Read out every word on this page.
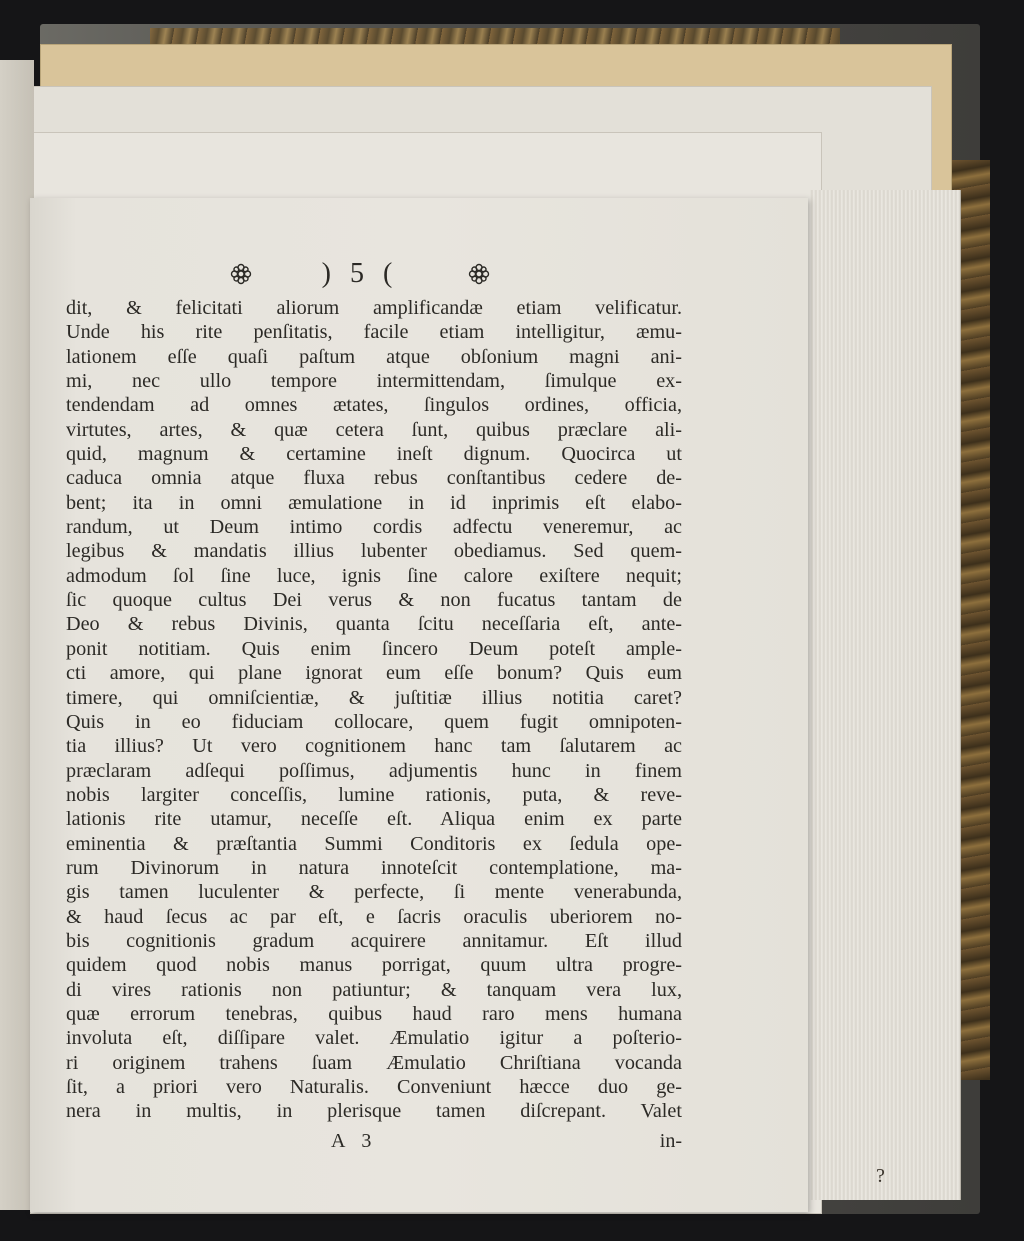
) 5 (
dit, & felicitati aliorum amplificandæ etiam velificatur.
Unde his rite penſitatis, facile etiam intelligitur, æmu-
lationem eſſe quaſi paſtum atque obſonium magni ani-
mi, nec ullo tempore intermittendam, ſimulque ex-
tendendam ad omnes ætates, ſingulos ordines, officia,
virtutes, artes, & quæ cetera ſunt, quibus præclare ali-
quid, magnum & certamine ineſt dignum. Quocirca ut
caduca omnia atque fluxa rebus conſtantibus cedere de-
bent; ita in omni æmulatione in id inprimis eſt elabo-
randum, ut Deum intimo cordis adfectu veneremur, ac
legibus & mandatis illius lubenter obediamus. Sed quem-
admodum ſol ſine luce, ignis ſine calore exiſtere nequit;
ſic quoque cultus Dei verus & non fucatus tantam de
Deo & rebus Divinis, quanta ſcitu neceſſaria eſt, ante-
ponit notitiam. Quis enim ſincero Deum poteſt ample-
cti amore, qui plane ignorat eum eſſe bonum? Quis eum
timere, qui omniſcientiæ, & juſtitiæ illius notitia caret?
Quis in eo fiduciam collocare, quem fugit omnipoten-
tia illius? Ut vero cognitionem hanc tam ſalutarem ac
præclaram adſequi poſſimus, adjumentis hunc in finem
nobis largiter conceſſis, lumine rationis, puta, & reve-
lationis rite utamur, neceſſe eſt. Aliqua enim ex parte
eminentia & præſtantia Summi Conditoris ex ſedula ope-
rum Divinorum in natura innoteſcit contemplatione, ma-
gis tamen luculenter & perfecte, ſi mente venerabunda,
& haud ſecus ac par eſt, e ſacris oraculis uberiorem no-
bis cognitionis gradum acquirere annitamur. Eſt illud
quidem quod nobis manus porrigat, quum ultra progre-
di vires rationis non patiuntur; & tanquam vera lux,
quæ errorum tenebras, quibus haud raro mens humana
involuta eſt, diſſipare valet. Æmulatio igitur a poſterio-
ri originem trahens ſuam Æmulatio Chriſtiana vocanda
ſit, a priori vero Naturalis. Conveniunt hæcce duo ge-
nera in multis, in plerisque tamen diſcrepant. Valet
A 3	in-
?
